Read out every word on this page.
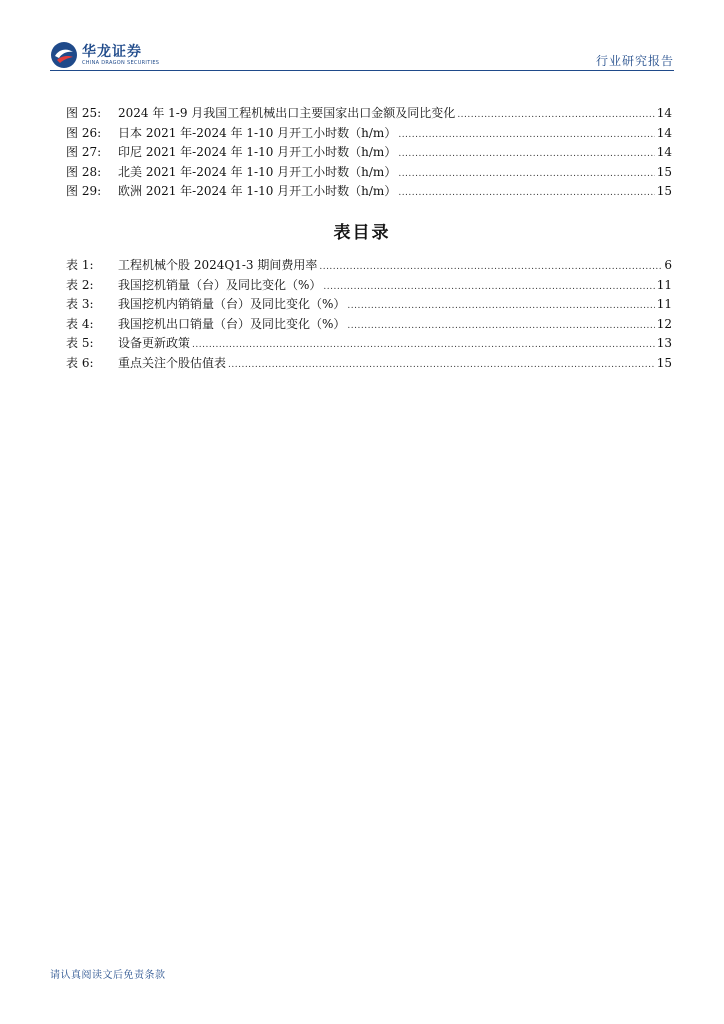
华龙证券
CHINA DRAGON SECURITIES	行业研究报告
图 25:	2024 年 1-9 月我国工程机械出口主要国家出口金额及同比变化 .....	14
图 26:	日本 2021 年-2024 年 1-10 月开工小时数（h/m） .....	14
图 27:	印尼 2021 年-2024 年 1-10 月开工小时数（h/m） .....	14
图 28:	北美 2021 年-2024 年 1-10 月开工小时数（h/m） .....	15
图 29:	欧洲 2021 年-2024 年 1-10 月开工小时数（h/m） .....	15
表目录
表 1:	工程机械个股 2024Q1-3 期间费用率 .....	6
表 2:	我国挖机销量（台）及同比变化（%） .....	11
表 3:	我国挖机内销销量（台）及同比变化（%） .....	11
表 4:	我国挖机出口销量（台）及同比变化（%） .....	12
表 5:	设备更新政策 .....	13
表 6:	重点关注个股估值表 .....	15
请认真阅读文后免责条款
